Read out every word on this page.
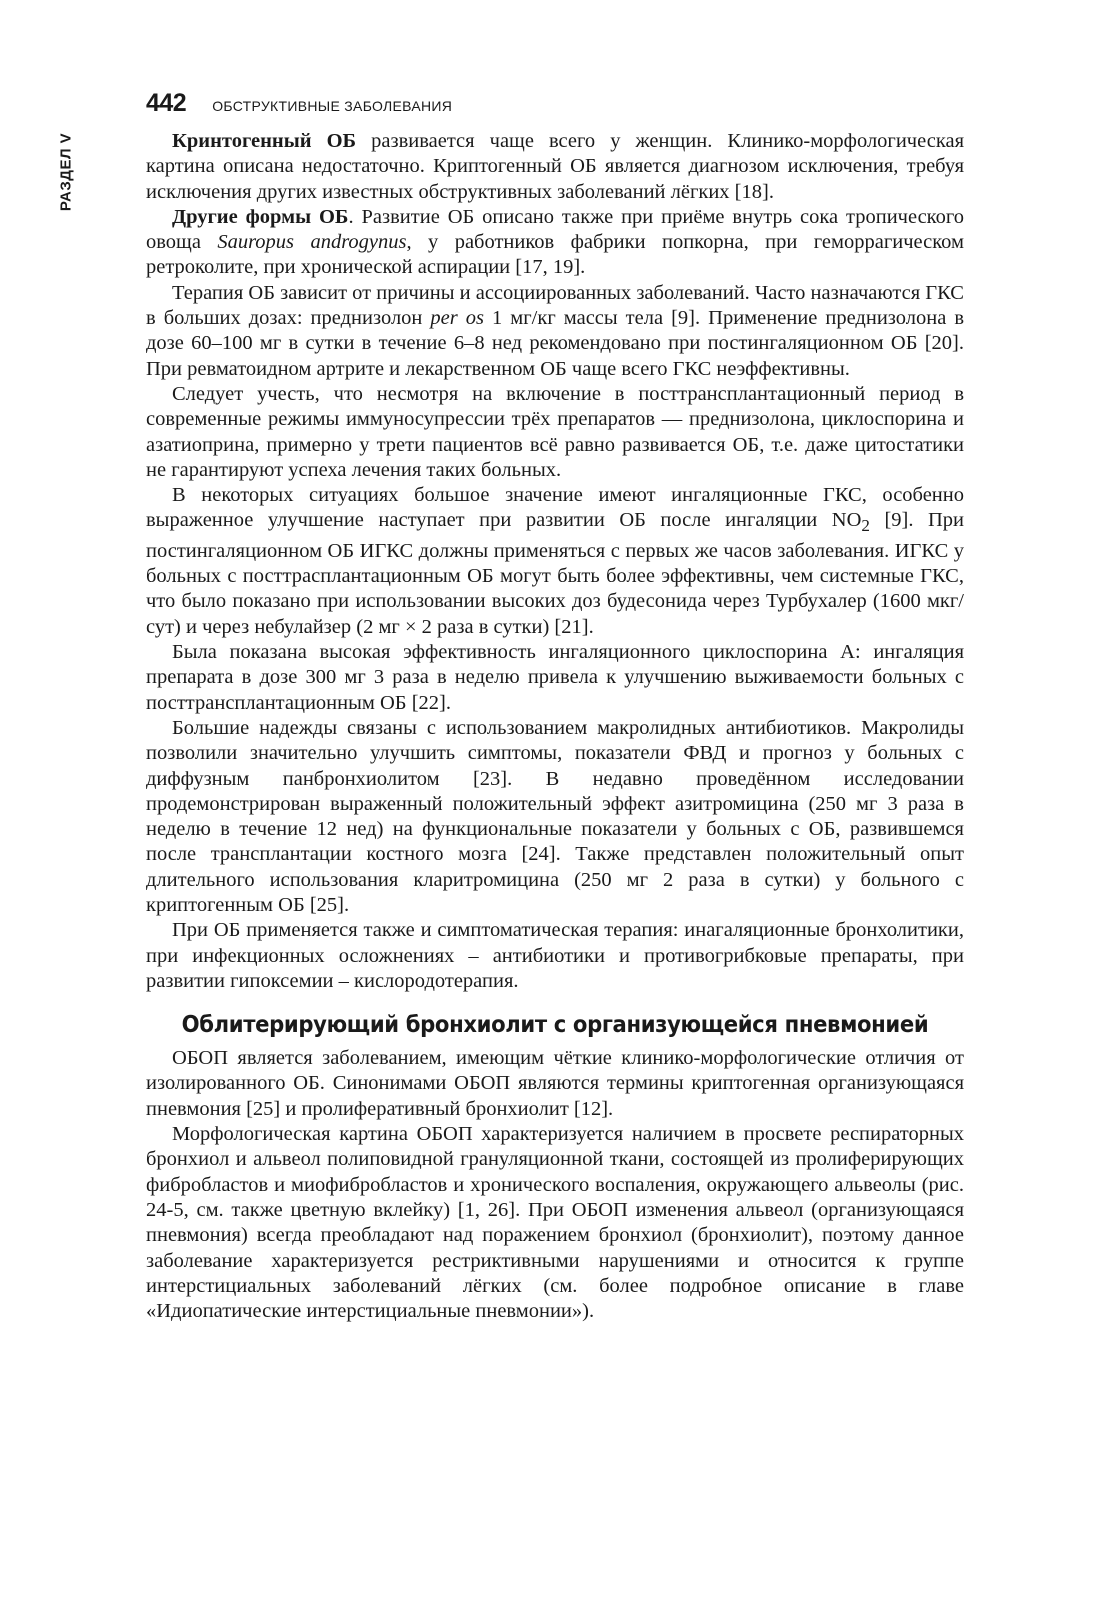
РАЗДЕЛ V
442 ОБСТРУКТИВНЫЕ ЗАБОЛЕВАНИЯ

Кринтогенный ОБ развивается чаще всего у женщин. Клинико-морфологическая картина описана недостаточно. Криптогенный ОБ является диагнозом исключения, требуя исключения других известных обструктивных заболеваний лёгких [18].

Другие формы ОБ. Развитие ОБ описано также при приёме внутрь сока тропического овоща Sauropus androgynus, у работников фабрики попкорна, при геморрагическом ретроколите, при хронической аспирации [17, 19].

Терапия ОБ зависит от причины и ассоциированных заболеваний. Часто назначаются ГКС в больших дозах: преднизолон per os 1 мг/кг массы тела [9]. Применение преднизолона в дозе 60–100 мг в сутки в течение 6–8 нед рекомендовано при постингаляционном ОБ [20]. При ревматоидном артрите и лекарственном ОБ чаще всего ГКС неэффективны.

Следует учесть, что несмотря на включение в посттрансплантационный период в современные режимы иммуносупрессии трёх препаратов — преднизолона, циклоспорина и азатиоприна, примерно у трети пациентов всё равно развивается ОБ, т.е. даже цитостатики не гарантируют успеха лечения таких больных.

В некоторых ситуациях большое значение имеют ингаляционные ГКС, особенно выраженное улучшение наступает при развитии ОБ после ингаляции $NO_2$ [9]. При постингаляционном ОБ ИГКС должны применяться с первых же часов заболевания. ИГКС у больных с посттрасплантационным ОБ могут быть более эффективны, чем системные ГКС, что было показано при использовании высоких доз будесонида через Турбухалер (1600 мкг/сут) и через небулайзер (2 мг × 2 раза в сутки) [21].

Была показана высокая эффективность ингаляционного циклоспорина A: ингаляция препарата в дозе 300 мг 3 раза в неделю привела к улучшению выживаемости больных с посттрансплантационным ОБ [22].

Большие надежды связаны с использованием макролидных антибиотиков. Макролиды позволили значительно улучшить симптомы, показатели ФВД и прогноз у больных с диффузным панбронхиолитом [23]. В недавно проведённом исследовании продемонстрирован выраженный положительный эффект азитромицина (250 мг 3 раза в неделю в течение 12 нед) на функциональные показатели у больных с ОБ, развившемся после трансплантации костного мозга [24]. Также представлен положительный опыт длительного использования кларитромицина (250 мг 2 раза в сутки) у больного с криптогенным ОБ [25].

При ОБ применяется также и симптоматическая терапия: инагаляционные бронхолитики, при инфекционных осложнениях – антибиотики и противогрибковые препараты, при развитии гипоксемии – кислородотерапия.

Облитерирующий бронхиолит с организующейся пневмонией

ОБОП является заболеванием, имеющим чёткие клинико-морфологические отличия от изолированного ОБ. Синонимами ОБОП являются термины криптогенная организующаяся пневмония [25] и пролиферативный бронхиолит [12].

Морфологическая картина ОБОП характеризуется наличием в просвете респираторных бронхиол и альвеол полиповидной грануляционной ткани, состоящей из пролиферирующих фибробластов и миофибробластов и хронического воспаления, окружающего альвеолы (рис. 24-5, см. также цветную вклейку) [1, 26]. При ОБОП изменения альвеол (организующаяся пневмония) всегда преобладают над поражением бронхиол (бронхиолит), поэтому данное заболевание характеризуется рестриктивными нарушениями и относится к группе интерстициальных заболеваний лёгких (см. более подробное описание в главе «Идиопатические интерстициальные пневмонии»).
